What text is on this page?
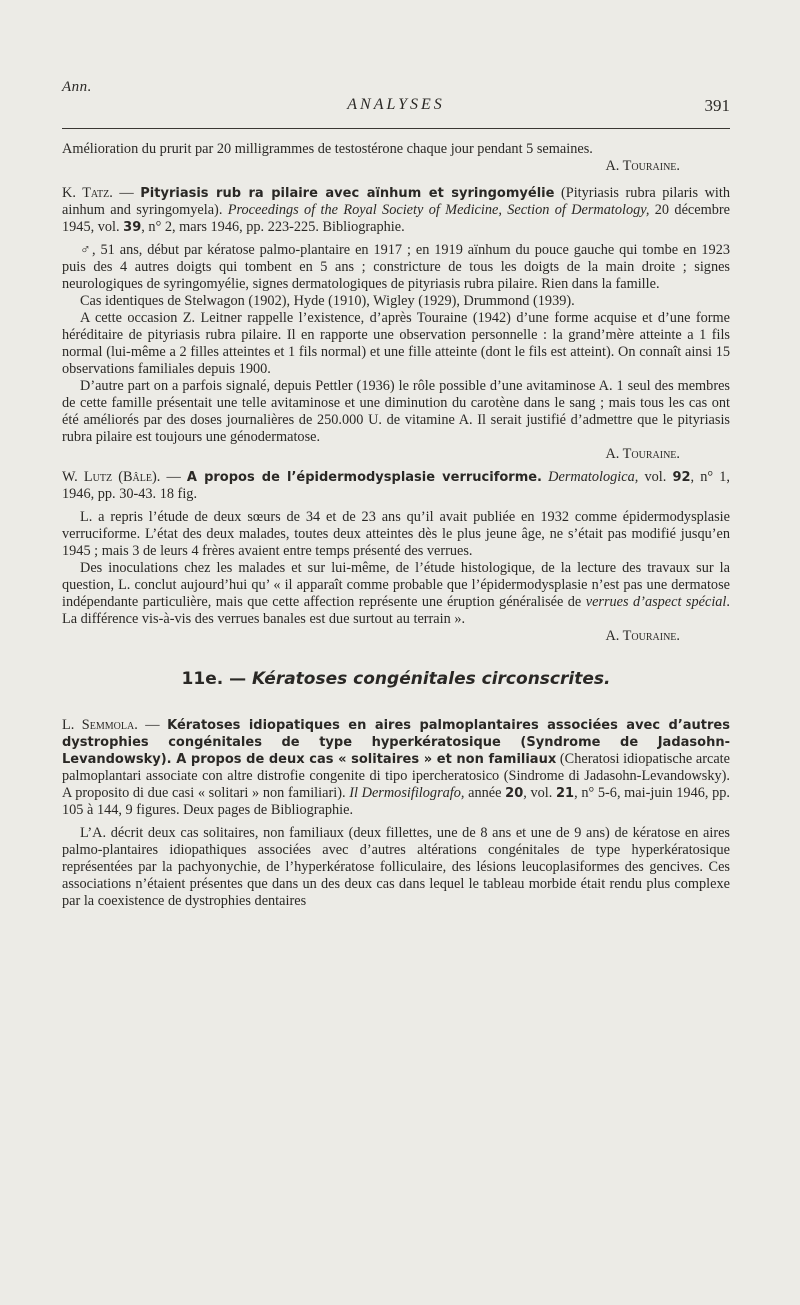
Ann.
ANALYSES	391

Amélioration du prurit par 20 milligrammes de testostérone chaque jour pendant 5 semaines.

A. Touraine.

K. Tatz. — Pityriasis rub ra pilaire avec aïnhum et syringomyélie (Pityriasis rubra pilaris with ainhum and syringomyela). Proceedings of the Royal Society of Medicine, Section of Dermatology, 20 décembre 1945, vol. 39, n° 2, mars 1946, pp. 223-225. Bibliographie.

♂, 51 ans, début par kératose palmo-plantaire en 1917 ; en 1919 aïnhum du pouce gauche qui tombe en 1923 puis des 4 autres doigts qui tombent en 5 ans ; constricture de tous les doigts de la main droite ; signes neurologiques de syringomyélie, signes dermatologiques de pityriasis rubra pilaire. Rien dans la famille.

Cas identiques de Stelwagon (1902), Hyde (1910), Wigley (1929), Drummond (1939).

A cette occasion Z. Leitner rappelle l’existence, d’après Touraine (1942) d’une forme acquise et d’une forme héréditaire de pityriasis rubra pilaire. Il en rapporte une observation personnelle : la grand’mère atteinte a 1 fils normal (lui-même a 2 filles atteintes et 1 fils normal) et une fille atteinte (dont le fils est atteint). On connaît ainsi 15 observations familiales depuis 1900.

D’autre part on a parfois signalé, depuis Pettler (1936) le rôle possible d’une avitaminose A. 1 seul des membres de cette famille présentait une telle avitaminose et une diminution du carotène dans le sang ; mais tous les cas ont été améliorés par des doses journalières de 250.000 U. de vitamine A. Il serait justifié d’admettre que le pityriasis rubra pilaire est toujours une génodermatose.

A. Touraine.

W. Lutz (Bâle). — A propos de l’épidermodysplasie verruciforme. Dermatologica, vol. 92, n° 1, 1946, pp. 30-43. 18 fig.

L. a repris l’étude de deux sœurs de 34 et de 23 ans qu’il avait publiée en 1932 comme épidermodysplasie verruciforme. L’état des deux malades, toutes deux atteintes dès le plus jeune âge, ne s’était pas modifié jusqu’en 1945 ; mais 3 de leurs 4 frères avaient entre temps présenté des verrues.

Des inoculations chez les malades et sur lui-même, de l’étude histologique, de la lecture des travaux sur la question, L. conclut aujourd’hui qu’ « il apparaît comme probable que l’épidermodysplasie n’est pas une dermatose indépendante particulière, mais que cette affection représente une éruption généralisée de verrues d’aspect spécial. La différence vis-à-vis des verrues banales est due surtout au terrain ».

A. Touraine.

11e. — Kératoses congénitales circonscrites.

L. Semmola. — Kératoses idiopatiques en aires palmoplantaires associées avec d’autres dystrophies congénitales de type hyperkératosique (Syndrome de Jadasohn-Levandowsky). A propos de deux cas « solitaires » et non familiaux (Cheratosi idiopatische arcate palmoplantari associate con altre distrofie congenite di tipo ipercheratosico (Sindrome di Jadasohn-Levandowsky). A proposito di due casi « solitari » non familiari). Il Dermosifilografo, année 20, vol. 21, n° 5-6, mai-juin 1946, pp. 105 à 144, 9 figures. Deux pages de Bibliographie.

L’A. décrit deux cas solitaires, non familiaux (deux fillettes, une de 8 ans et une de 9 ans) de kératose en aires palmo-plantaires idiopathiques associées avec d’autres altérations congénitales de type hyperkératosique représentées par la pachyonychie, de l’hyperkératose folliculaire, des lésions leucoplasiformes des gencives. Ces associations n’étaient présentes que dans un des deux cas dans lequel le tableau morbide était rendu plus complexe par la coexistence de dystrophies dentaires
